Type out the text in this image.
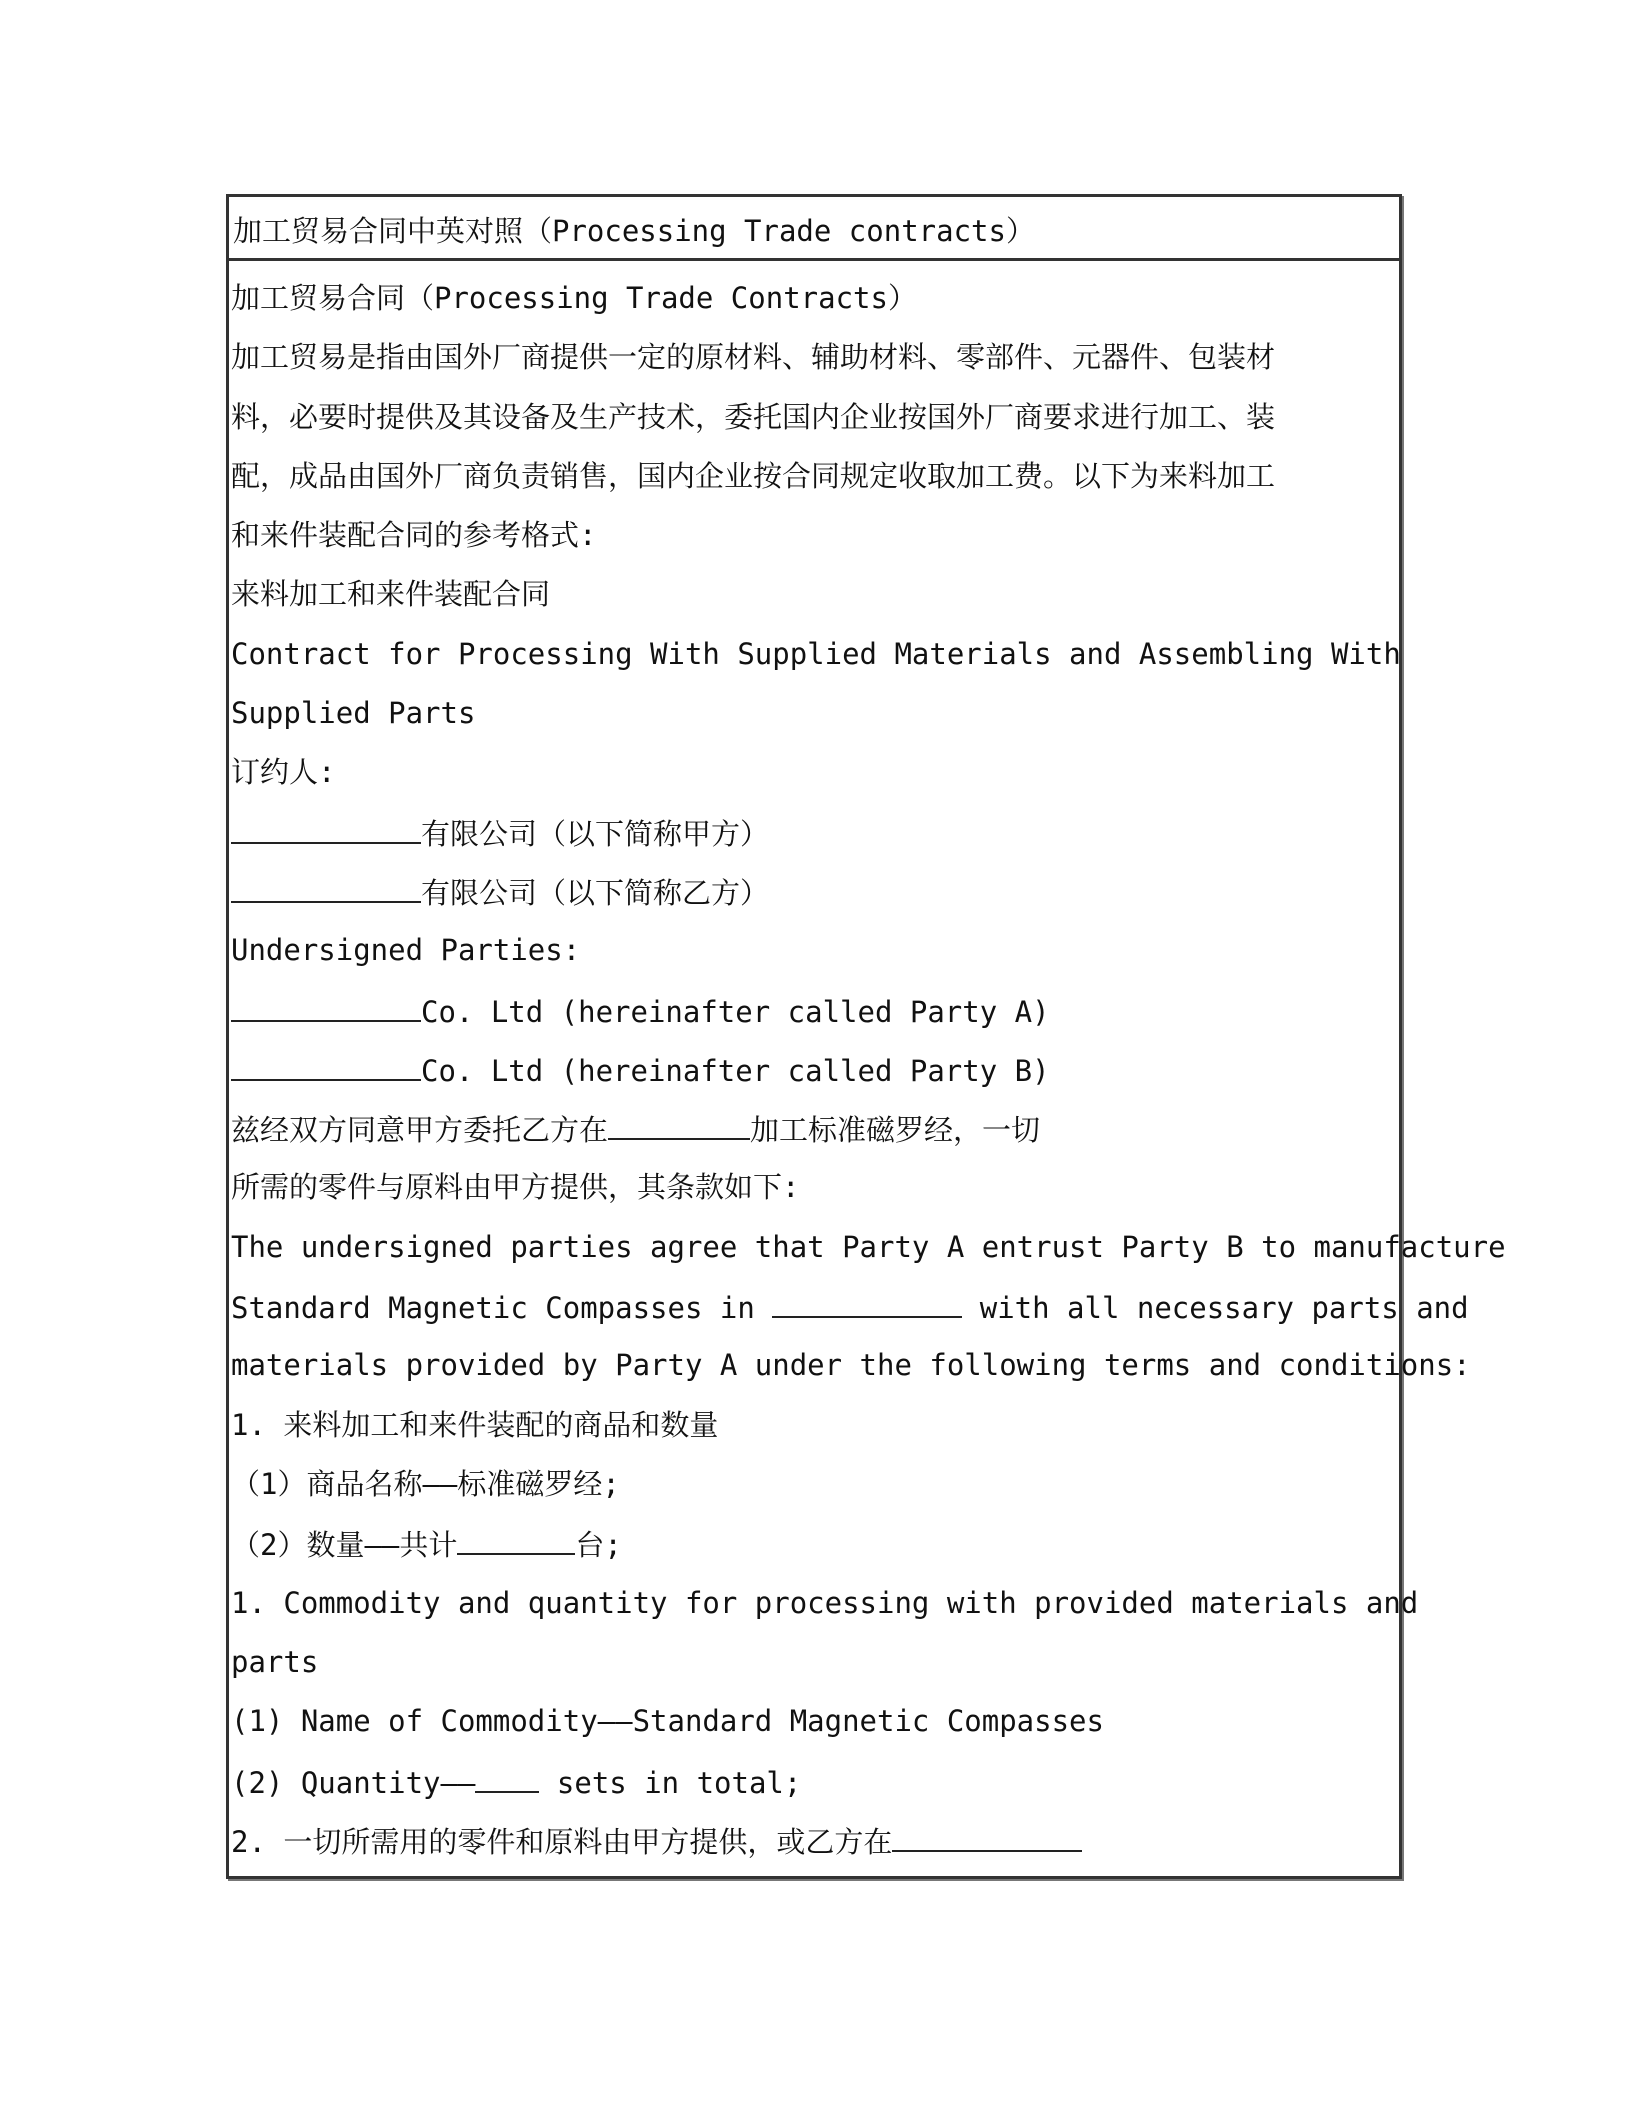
加工贸易合同中英对照（Processing Trade contracts）
加工贸易合同（Processing Trade Contracts）
加工贸易是指由国外厂商提供一定的原材料、辅助材料、零部件、元器件、包装材
料，必要时提供及其设备及生产技术，委托国内企业按国外厂商要求进行加工、装
配，成品由国外厂商负责销售，国内企业按合同规定收取加工费。以下为来料加工
和来件装配合同的参考格式:
来料加工和来件装配合同
Contract for Processing With Supplied Materials and Assembling With
Supplied Parts
订约人:
有限公司（以下简称甲方）
有限公司（以下简称乙方）
Undersigned Parties:
Co. Ltd (hereinafter called Party A)
Co. Ltd (hereinafter called Party B)
兹经双方同意甲方委托乙方在	加工标准磁罗经，一切
所需的零件与原料由甲方提供，其条款如下:
The undersigned parties agree that Party A entrust Party B to manufacture
Standard Magnetic Compasses in	with all necessary parts and
materials provided by Party A under the following terms and conditions:
1. 来料加工和来件装配的商品和数量
（1）商品名称——标准磁罗经;
（2）数量——共计	台;
1. Commodity and quantity for processing with provided materials and
parts
(1) Name of Commodity——Standard Magnetic Compasses
(2) Quantity——	sets in total;
2. 一切所需用的零件和原料由甲方提供，或乙方在
